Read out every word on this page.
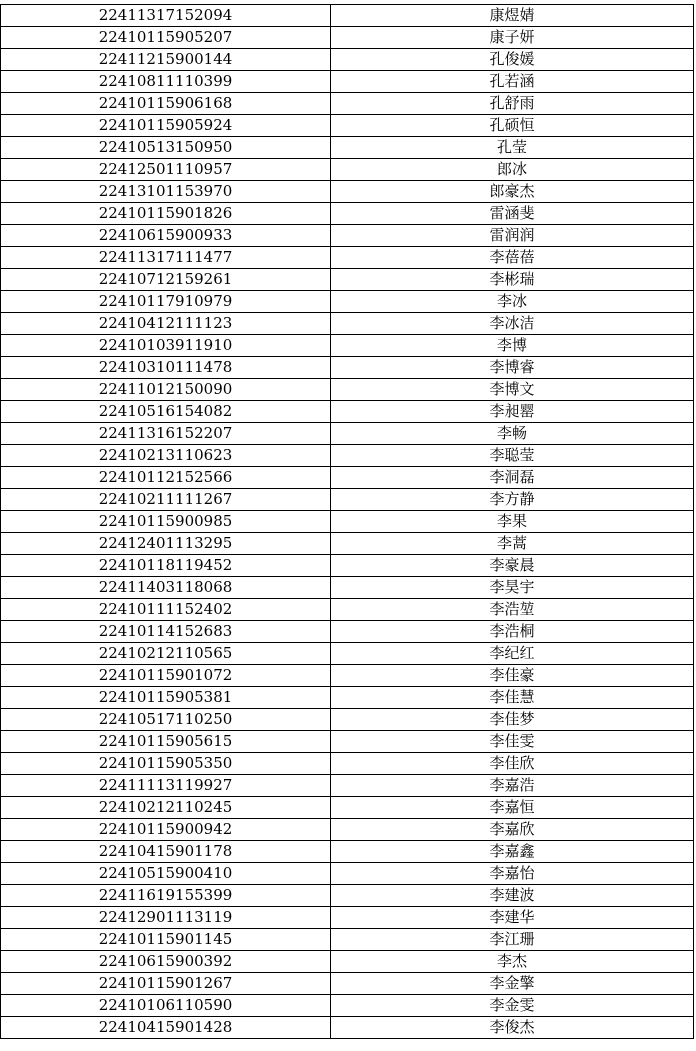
22411317152094	康煜婧
22410115905207	康子妍
22411215900144	孔俊媛
22410811110399	孔若涵
22410115906168	孔舒雨
22410115905924	孔硕恒
22410513150950	孔莹
22412501110957	郎冰
22413101153970	郎豪杰
22410115901826	雷涵斐
22410615900933	雷润润
22411317111477	李蓓蓓
22410712159261	李彬瑞
22410117910979	李冰
22410412111123	李冰洁
22410103911910	李博
22410310111478	李博睿
22411012150090	李博文
22410516154082	李昶罂
22411316152207	李畅
22410213110623	李聪莹
22410112152566	李洞磊
22410211111267	李方静
22410115900985	李果
22412401113295	李蒿
22410118119452	李豪晨
22411403118068	李昊宇
22410111152402	李浩堃
22410114152683	李浩桐
22410212110565	李纪红
22410115901072	李佳豪
22410115905381	李佳慧
22410517110250	李佳梦
22410115905615	李佳雯
22410115905350	李佳欣
22411113119927	李嘉浩
22410212110245	李嘉恒
22410115900942	李嘉欣
22410415901178	李嘉鑫
22410515900410	李嘉怡
22411619155399	李建波
22412901113119	李建华
22410115901145	李江珊
22410615900392	李杰
22410115901267	李金擎
22410106110590	李金雯
22410415901428	李俊杰
